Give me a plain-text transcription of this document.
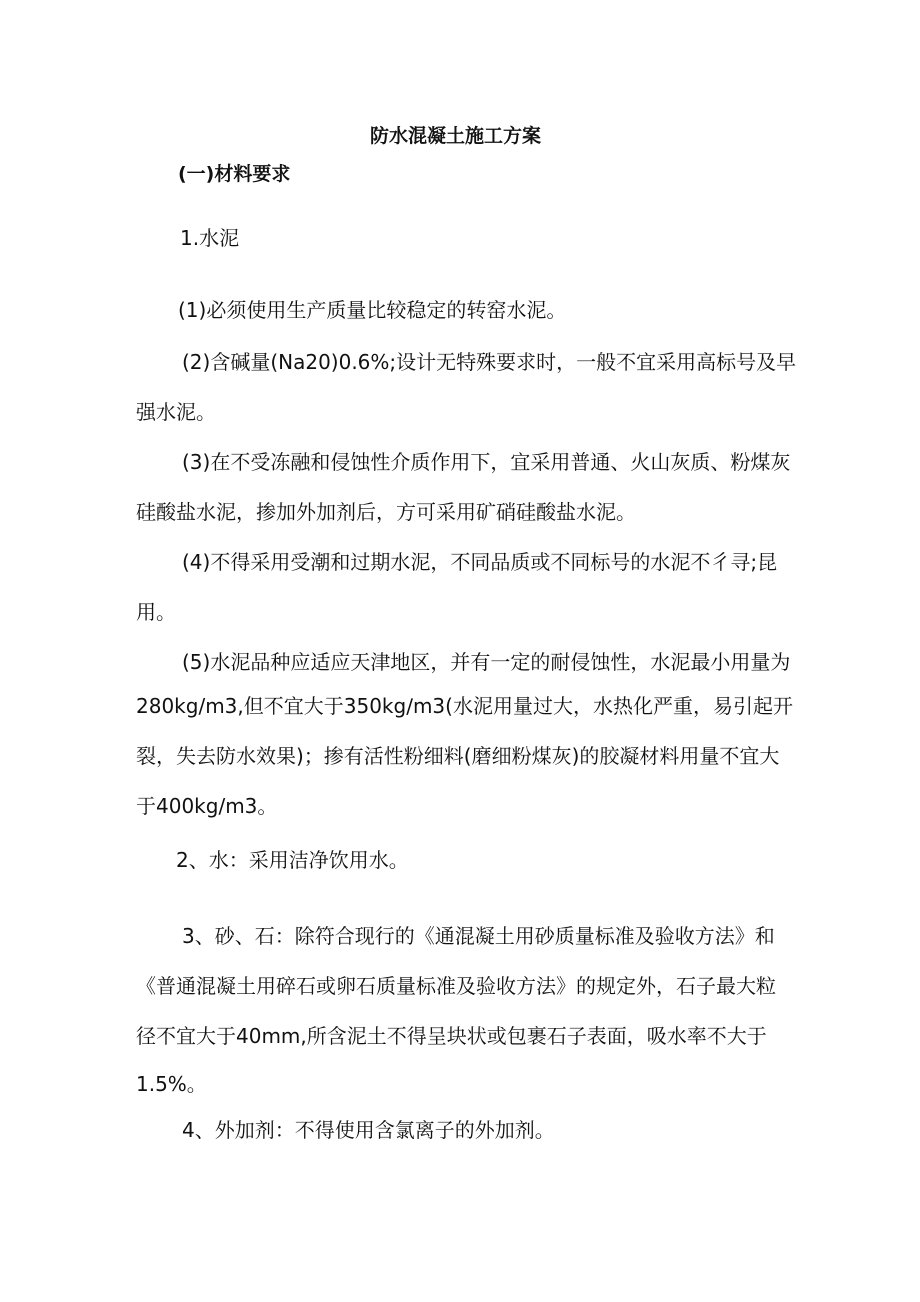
防水混凝土施工方案
(一)材料要求
1.水泥
(1)必须使用生产质量比较稳定的转窑水泥。
(2)含碱量(Na20)0.6%;设计无特殊要求时，一般不宜采用高标号及早
强水泥。
(3)在不受冻融和侵蚀性介质作用下，宜采用普通、火山灰质、粉煤灰
硅酸盐水泥，掺加外加剂后，方可采用矿硝硅酸盐水泥。
(4)不得采用受潮和过期水泥，不同品质或不同标号的水泥不彳寻;昆
用。
(5)水泥品种应适应天津地区，并有一定的耐侵蚀性，水泥最小用量为
280kg/m3,但不宜大于350kg∕m3(水泥用量过大，水热化严重，易引起开
裂，失去防水效果)；掺有活性粉细料(磨细粉煤灰)的胶凝材料用量不宜大
于400kg/m3。
2、水：采用洁净饮用水。
3、砂、石：除符合现行的《通混凝土用砂质量标准及验收方法》和
《普通混凝土用碎石或卵石质量标准及验收方法》的规定外，石子最大粒
径不宜大于40mm,所含泥土不得呈块状或包裹石子表面，吸水率不大于
1.5%。
4、外加剂：不得使用含氯离子的外加剂。
